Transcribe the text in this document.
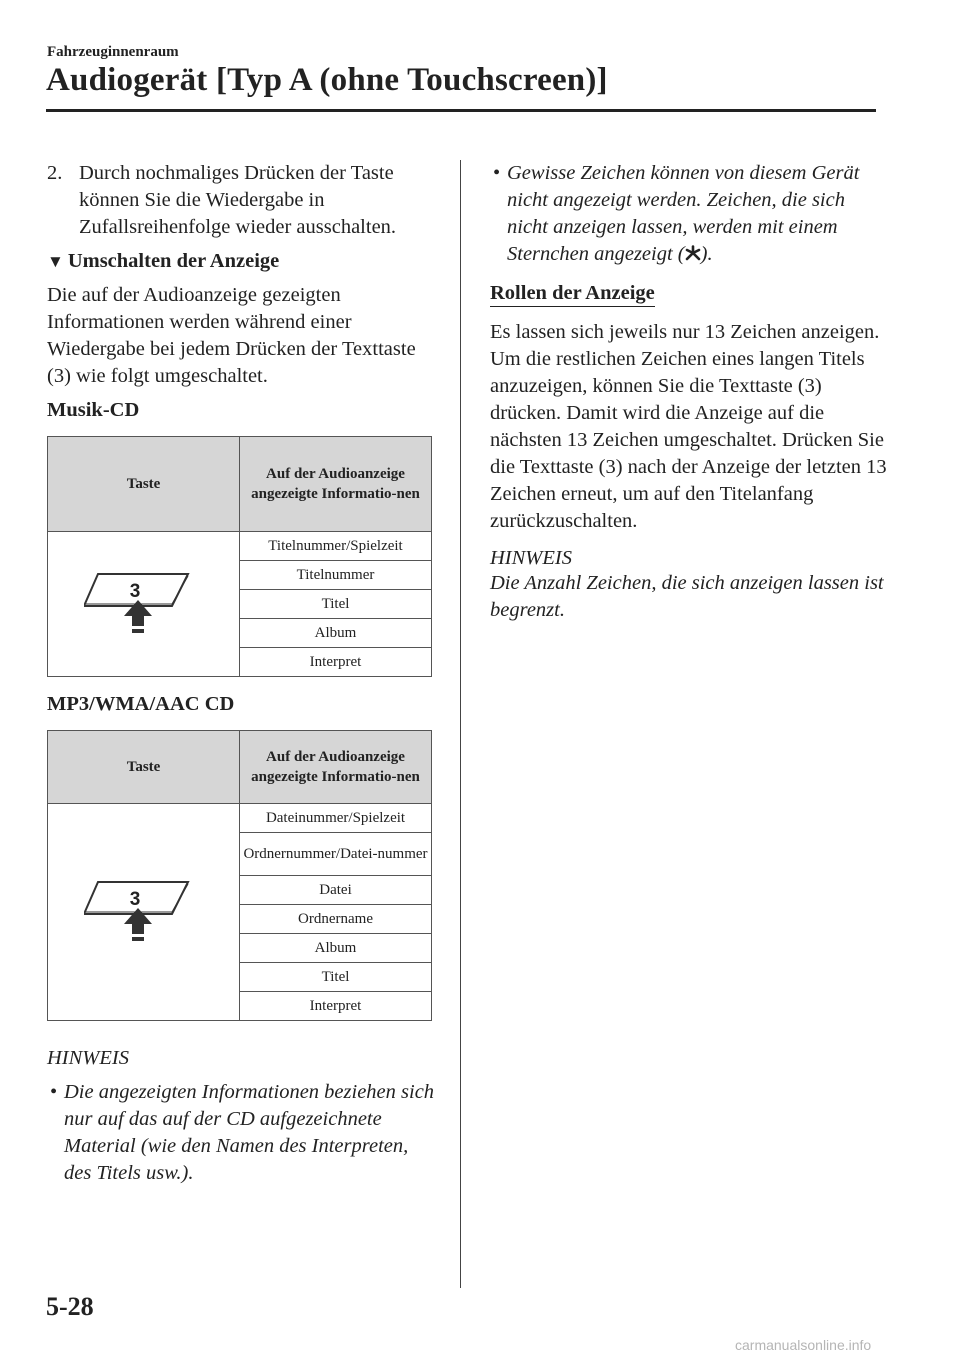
Fahrzeuginnenraum
Audiogerät [Typ A (ohne Touchscreen)]
2. Durch nochmaliges Drücken der Taste können Sie die Wiedergabe in Zufallsreihenfolge wieder ausschalten.
▼ Umschalten der Anzeige
Die auf der Audioanzeige gezeigten Informationen werden während einer Wiedergabe bei jedem Drücken der Texttaste (3) wie folgt umgeschaltet.
Musik-CD
Taste	Auf der Audioanzeige angezeigte Informatio-nen

3	Titelnummer/Spielzeit
	Titelnummer
	Titel
	Album
	Interpret
MP3/WMA/AAC CD
Taste	Auf der Audioanzeige angezeigte Informatio-nen

3	Dateinummer/Spielzeit
	Ordnernummer/Datei-nummer
	Datei
	Ordnername
	Album
	Titel
	Interpret
HINWEIS
• Die angezeigten Informationen beziehen sich nur auf das auf der CD aufgezeichnete Material (wie den Namen des Interpreten, des Titels usw.).
• Gewisse Zeichen können von diesem Gerät nicht angezeigt werden. Zeichen, die sich nicht anzeigen lassen, werden mit einem Sternchen angezeigt ( ).
Rollen der Anzeige
Es lassen sich jeweils nur 13 Zeichen anzeigen. Um die restlichen Zeichen eines langen Titels anzuzeigen, können Sie die Texttaste (3) drücken. Damit wird die Anzeige auf die nächsten 13 Zeichen umgeschaltet. Drücken Sie die Texttaste (3) nach der Anzeige der letzten 13 Zeichen erneut, um auf den Titelanfang zurückzuschalten.
HINWEIS
Die Anzahl Zeichen, die sich anzeigen lassen ist begrenzt.
5-28
carmanualsonline.info
